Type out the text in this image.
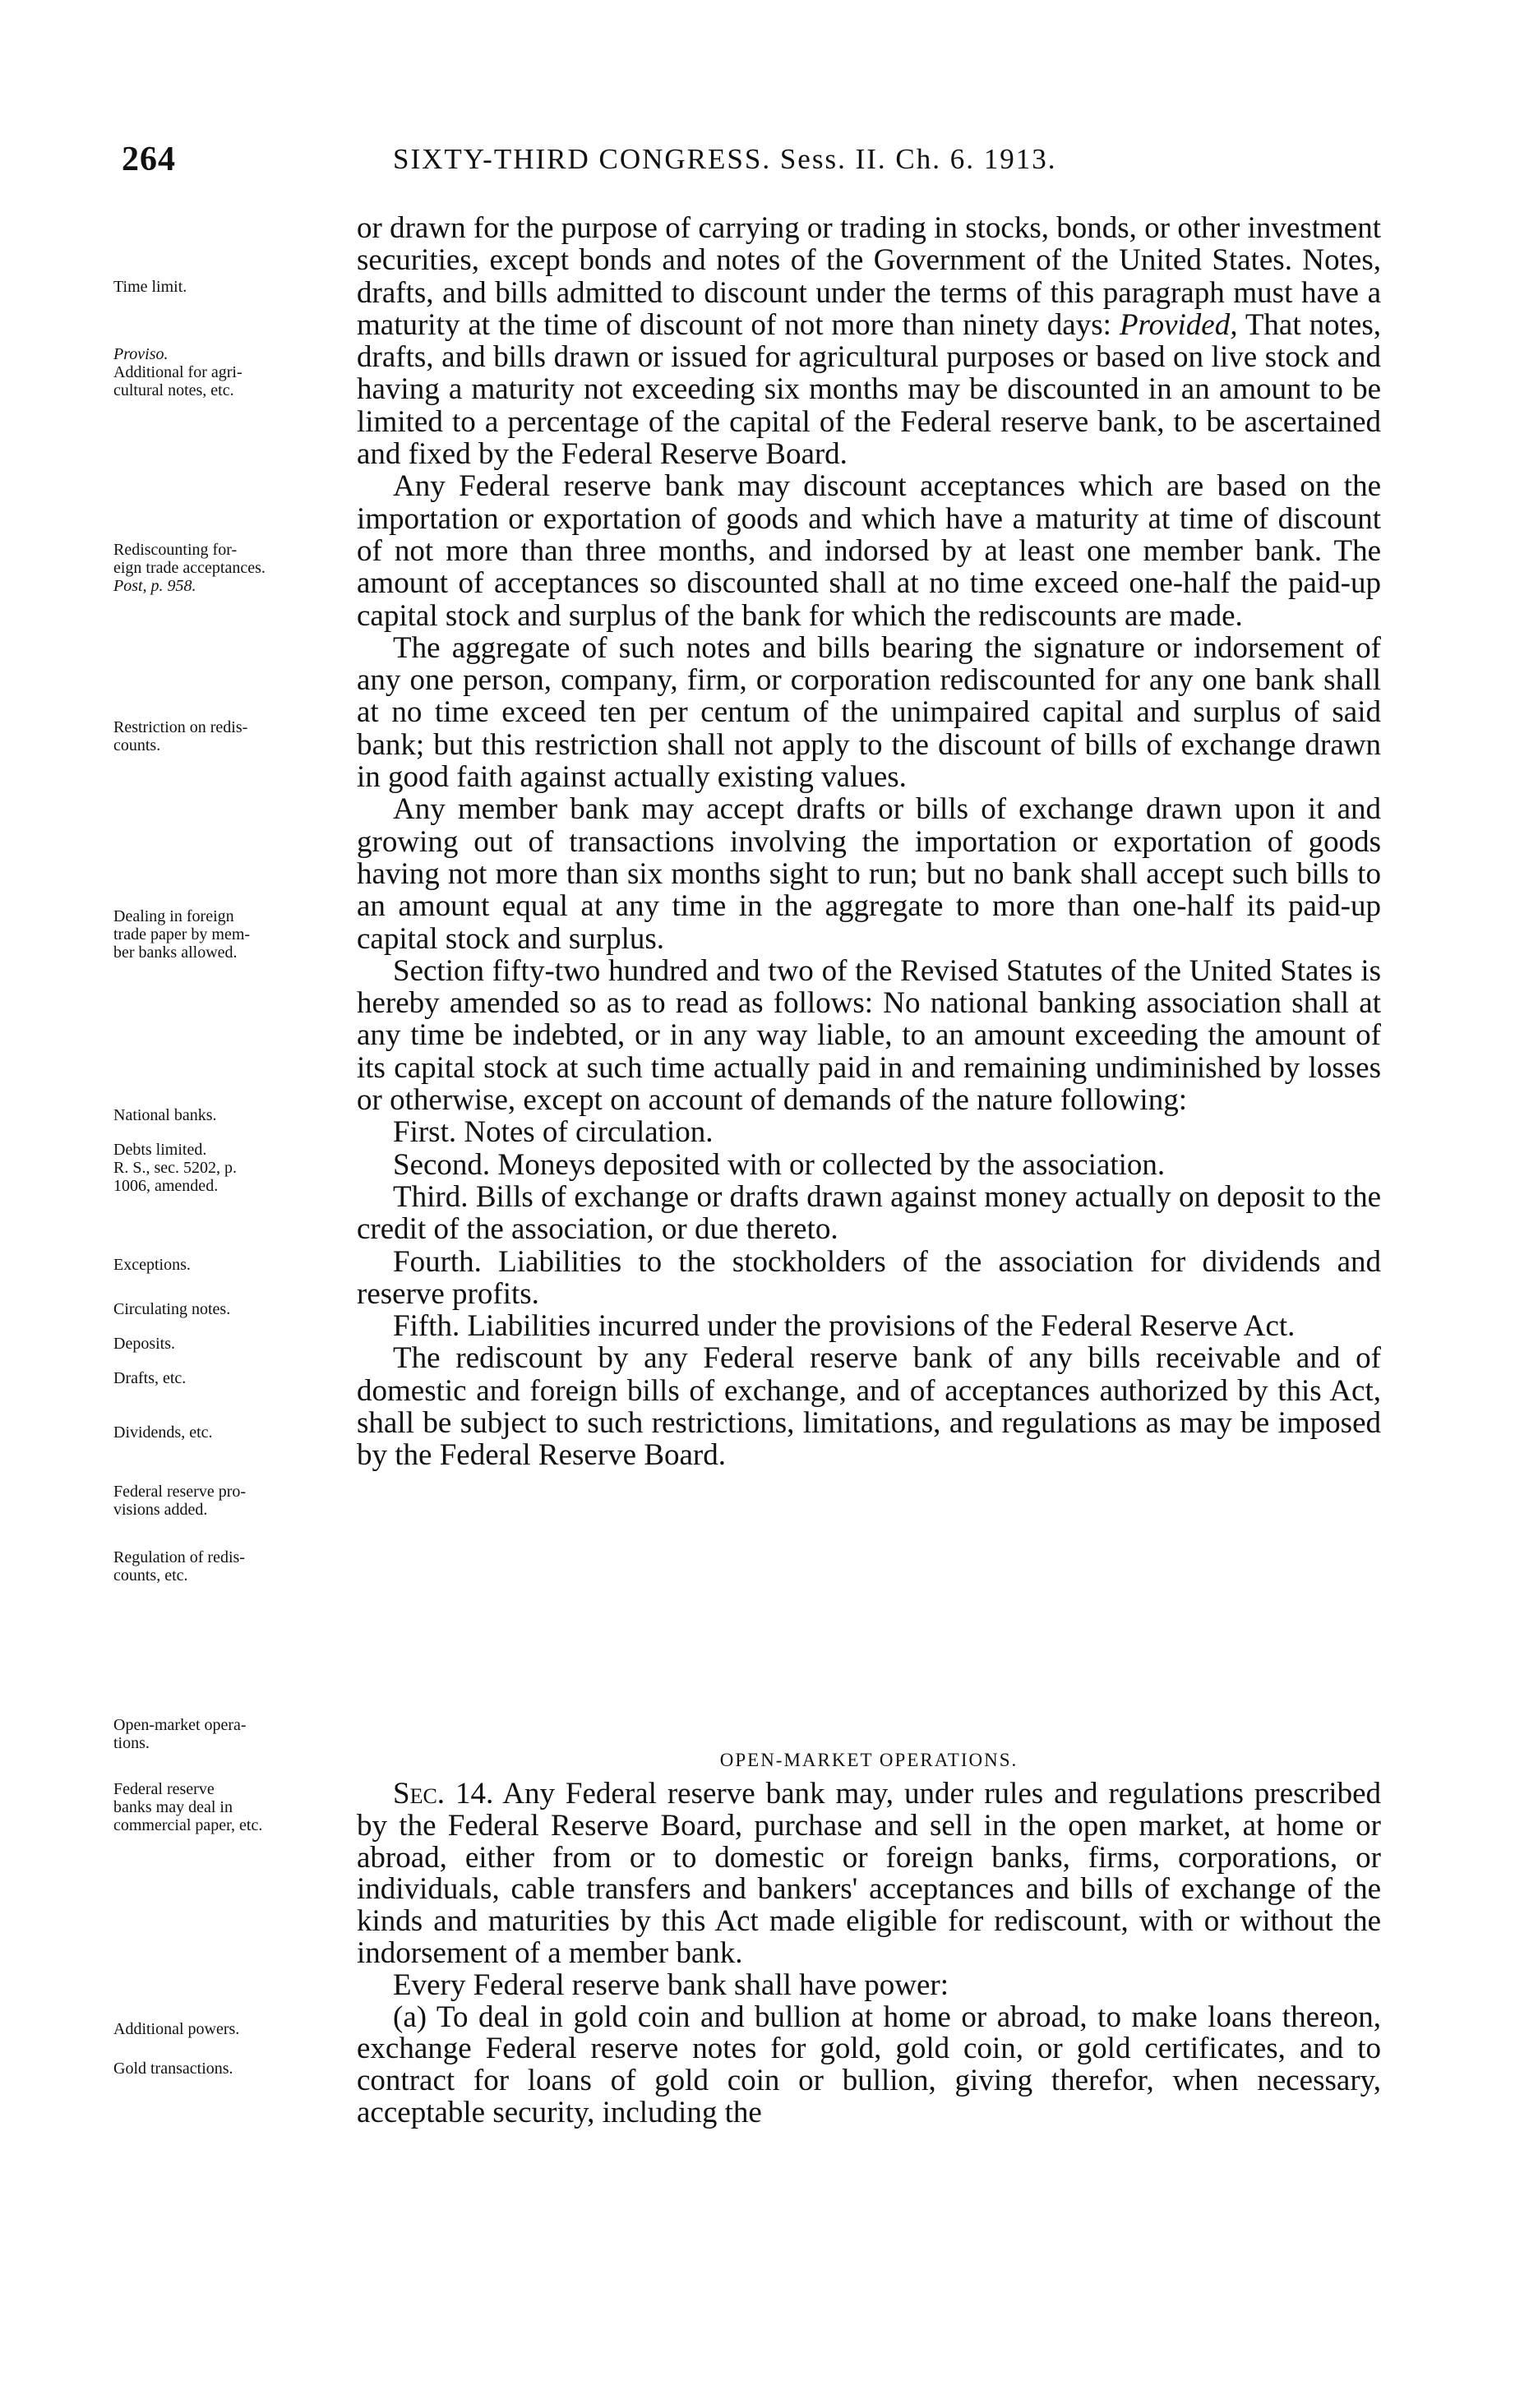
264	SIXTY-THIRD CONGRESS. Sess. II. Ch. 6. 1913.
Time limit.
Proviso.
Additional for agri-
cultural notes, etc.
Rediscounting for-
eign trade acceptances.
Post, p. 958.
Restriction on redis-
counts.
Dealing in foreign
trade paper by mem-
ber banks allowed.
National banks.
Debts limited.
R. S., sec. 5202, p.
1006, amended.
Exceptions.
Circulating notes.
Deposits.
Drafts, etc.
Dividends, etc.
Federal reserve pro-
visions added.
Regulation of redis-
counts, etc.
Open-market opera-
tions.
Federal reserve
banks may deal in
commercial paper, etc.
Additional powers.
Gold transactions.

or drawn for the purpose of carrying or trading in stocks, bonds, or other investment securities, except bonds and notes of the Government of the United States. Notes, drafts, and bills admitted to discount under the terms of this paragraph must have a maturity at the time of discount of not more than ninety days: Provided, That notes, drafts, and bills drawn or issued for agricultural purposes or based on live stock and having a maturity not exceeding six months may be discounted in an amount to be limited to a percentage of the capital of the Federal reserve bank, to be ascertained and fixed by the Federal Reserve Board.

Any Federal reserve bank may discount acceptances which are based on the importation or exportation of goods and which have a maturity at time of discount of not more than three months, and indorsed by at least one member bank. The amount of acceptances so discounted shall at no time exceed one-half the paid-up capital stock and surplus of the bank for which the rediscounts are made.

The aggregate of such notes and bills bearing the signature or indorsement of any one person, company, firm, or corporation rediscounted for any one bank shall at no time exceed ten per centum of the unimpaired capital and surplus of said bank; but this restriction shall not apply to the discount of bills of exchange drawn in good faith against actually existing values.

Any member bank may accept drafts or bills of exchange drawn upon it and growing out of transactions involving the importation or exportation of goods having not more than six months sight to run; but no bank shall accept such bills to an amount equal at any time in the aggregate to more than one-half its paid-up capital stock and surplus.

Section fifty-two hundred and two of the Revised Statutes of the United States is hereby amended so as to read as follows: No national banking association shall at any time be indebted, or in any way liable, to an amount exceeding the amount of its capital stock at such time actually paid in and remaining undiminished by losses or otherwise, except on account of demands of the nature following:

First. Notes of circulation.

Second. Moneys deposited with or collected by the association.

Third. Bills of exchange or drafts drawn against money actually on deposit to the credit of the association, or due thereto.

Fourth. Liabilities to the stockholders of the association for dividends and reserve profits.

Fifth. Liabilities incurred under the provisions of the Federal Reserve Act.

The rediscount by any Federal reserve bank of any bills receivable and of domestic and foreign bills of exchange, and of acceptances authorized by this Act, shall be subject to such restrictions, limitations, and regulations as may be imposed by the Federal Reserve Board.

OPEN-MARKET OPERATIONS.

Sec. 14. Any Federal reserve bank may, under rules and regulations prescribed by the Federal Reserve Board, purchase and sell in the open market, at home or abroad, either from or to domestic or foreign banks, firms, corporations, or individuals, cable transfers and bankers' acceptances and bills of exchange of the kinds and maturities by this Act made eligible for rediscount, with or without the indorsement of a member bank.

Every Federal reserve bank shall have power:

(a) To deal in gold coin and bullion at home or abroad, to make loans thereon, exchange Federal reserve notes for gold, gold coin, or gold certificates, and to contract for loans of gold coin or bullion, giving therefor, when necessary, acceptable security, including the
